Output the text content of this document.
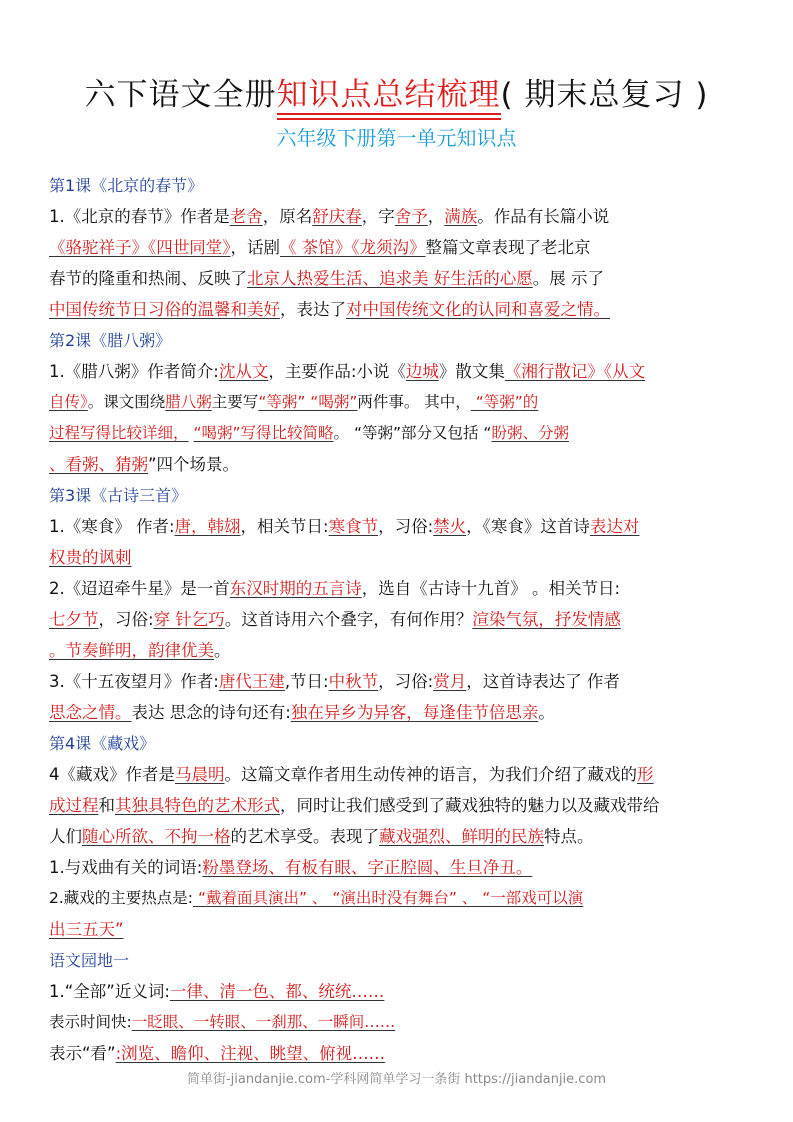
六下语文全册知识点总结梳理( 期末总复习 )
六年级下册第一单元知识点
第1课《北京的春节》
1.《北京的春节》作者是老舍，原名舒庆春，字舍予，满族。作品有长篇小说
《骆驼祥子》《四世同堂》，话剧《 茶馆》《龙须沟》整篇文章表现了老北京
春节的隆重和热闹、反映了北京人热爱生活、追求美 好生活的心愿。展 示了
中国传统节日习俗的温馨和美好，表达了对中国传统文化的认同和喜爱之情。
第2课《腊八粥》
1.《腊八粥》作者简介:沈从文，主要作品:小说《边城》散文集《湘行散记》《从文
自传》。课文围绕腊八粥主要写“等粥” “喝粥”两件事。 其中， “等粥”的
过程写得比较详细， “喝粥”写得比较简略。 “等粥”部分又包括 “盼粥、分粥
、看粥、猜粥”四个场景。
第3课《古诗三首》
1.《寒食》 作者:唐，韩翃，相关节日:寒食节，习俗:禁火，《寒食》这首诗表达对
权贵的讽刺
2.《迢迢牵牛星》是一首东汉时期的五言诗，选自《古诗十九首》 。相关节日:
七夕节，习俗:穿 针乞巧。这首诗用六个叠字，有何作用？渲染气氛，抒发情感
。节奏鲜明，韵律优美。
3.《十五夜望月》作者:唐代王建,节日:中秋节，习俗:赏月，这首诗表达了 作者
思念之情。表达 思念的诗句还有:独在异乡为异客，每逢佳节倍思亲。
第4课《藏戏》
4《藏戏》作者是马晨明。这篇文章作者用生动传神的语言，为我们介绍了藏戏的形
成过程和其独具特色的艺术形式，同时让我们感受到了藏戏独特的魅力以及藏戏带给
人们随心所欲、不拘一格的艺术享受。表现了藏戏强烈、鲜明的民族特点。
1.与戏曲有关的词语:粉墨登场、有板有眼、字正腔圆、生旦净丑。
2.藏戏的主要热点是: “戴着面具演出” 、 “演出时没有舞台” 、 “一部戏可以演
出三五天”
语文园地一
1.“全部”近义词:一律、清一色、都、统统……
表示时间快:一眨眼、一转眼、一刹那、一瞬间……
表示“看”:浏览、瞻仰、注视、眺望、俯视……
简单街-jiandanjie.com-学科网简单学习一条街 https://jiandanjie.com
